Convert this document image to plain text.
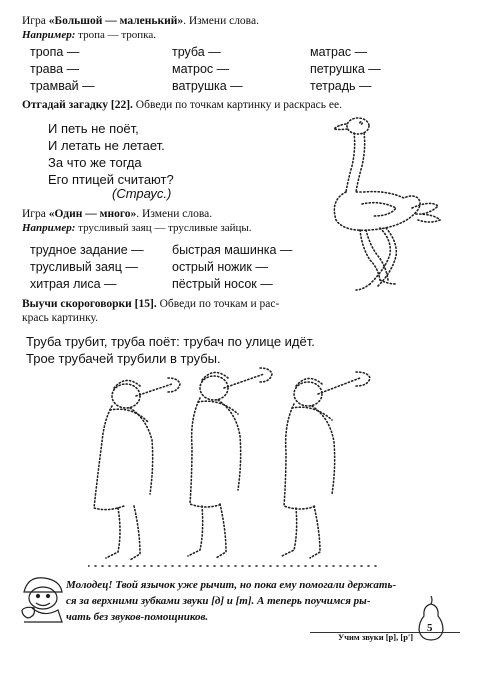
Игра «Большой — маленький». Измени слова.
Например: тропа — тропка.
тропа —	труба —	матрас —
трава —	матрос —	петрушка —
трамвай —	ватрушка —	тетрадь —
Отгадай загадку [22]. Обведи по точкам картинку и раскрась ее.
И петь не поёт,
И летать не летает.
За что же тогда
Его птицей считают?
(Страус.)
Игра «Один — много». Измени слова.
Например: трусливый заяц — трусливые зайцы.
трудное задание — быстрая машинка —
трусливый заяц —	острый ножик —
хитрая лиса —	пёстрый носок —
Выучи скороговорки [15]. Обведи по точкам и рас-
крась картинку.
Труба трубит, труба поёт: трубач по улице идёт.
Трое трубачей трубили в трубы.
Молодец! Твой язычок уже рычит, но пока ему помогали держать-
ся за верхними зубками звуки [д] и [т]. А теперь поучимся ры-
чать без звуков-помощников.
Учим звуки [р], [р']
5
